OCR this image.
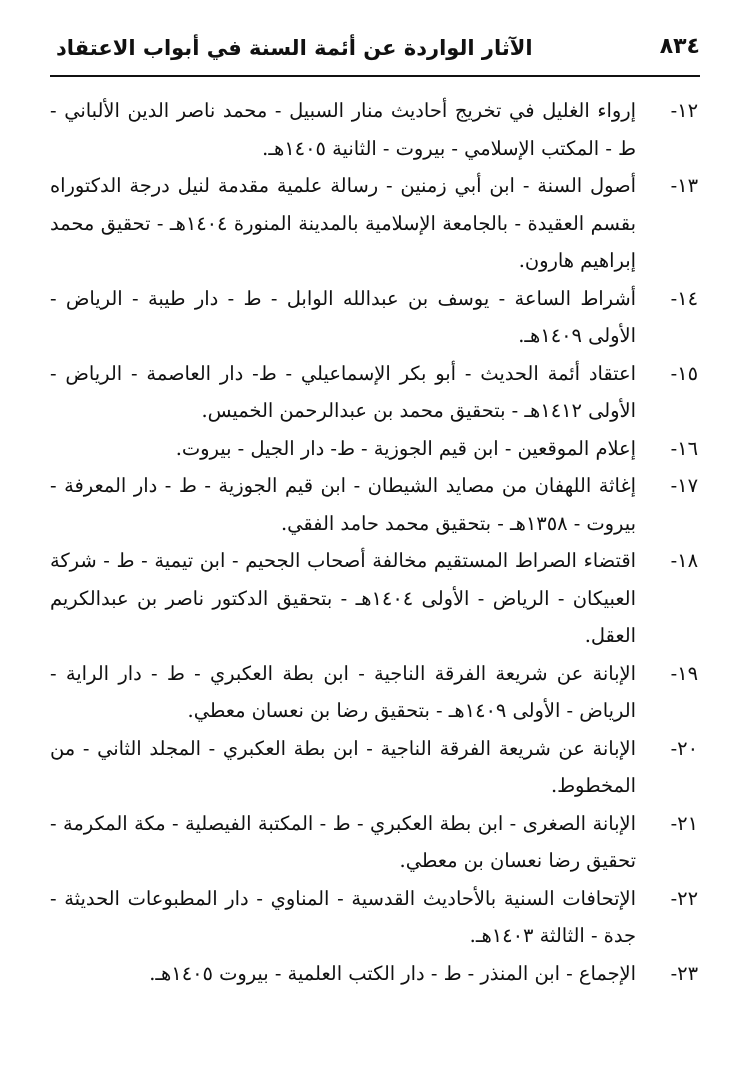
٨٣٤
الآثار الواردة عن أئمة السنة في أبواب الاعتقاد
١٢-
إرواء الغليل في تخريج أحاديث منار السبيل - محمد ناصر الدين الألباني - ط - المكتب الإسلامي - بيروت - الثانية ١٤٠٥هـ.
١٣-
أصول السنة - ابن أبي زمنين - رسالة علمية مقدمة لنيل درجة الدكتوراه بقسم العقيدة - بالجامعة الإسلامية بالمدينة المنورة ١٤٠٤هـ - تحقيق محمد إبراهيم هارون.
١٤-
أشراط الساعة - يوسف بن عبدالله الوابل - ط - دار طيبة - الرياض - الأولى ١٤٠٩هـ.
١٥-
اعتقاد أئمة الحديث - أبو بكر الإسماعيلي - ط- دار العاصمة - الرياض - الأولى ١٤١٢هـ - بتحقيق محمد بن عبدالرحمن الخميس.
١٦-
إعلام الموقعين - ابن قيم الجوزية - ط- دار الجيل - بيروت.
١٧-
إغاثة اللهفان من مصايد الشيطان - ابن قيم الجوزية - ط - دار المعرفة - بيروت - ١٣٥٨هـ - بتحقيق محمد حامد الفقي.
١٨-
اقتضاء الصراط المستقيم مخالفة أصحاب الجحيم - ابن تيمية - ط - شركة العبيكان - الرياض - الأولى ١٤٠٤هـ - بتحقيق الدكتور ناصر بن عبدالكريم العقل.
١٩-
الإبانة عن شريعة الفرقة الناجية - ابن بطة العكبري - ط - دار الراية - الرياض - الأولى ١٤٠٩هـ - بتحقيق رضا بن نعسان معطي.
٢٠-
الإبانة عن شريعة الفرقة الناجية - ابن بطة العكبري - المجلد الثاني - من المخطوط.
٢١-
الإبانة الصغرى - ابن بطة العكبري - ط - المكتبة الفيصلية - مكة المكرمة - تحقيق رضا نعسان بن معطي.
٢٢-
الإتحافات السنية بالأحاديث القدسية - المناوي - دار المطبوعات الحديثة - جدة - الثالثة ١٤٠٣هـ.
٢٣-
الإجماع - ابن المنذر - ط - دار الكتب العلمية - بيروت ١٤٠٥هـ.
